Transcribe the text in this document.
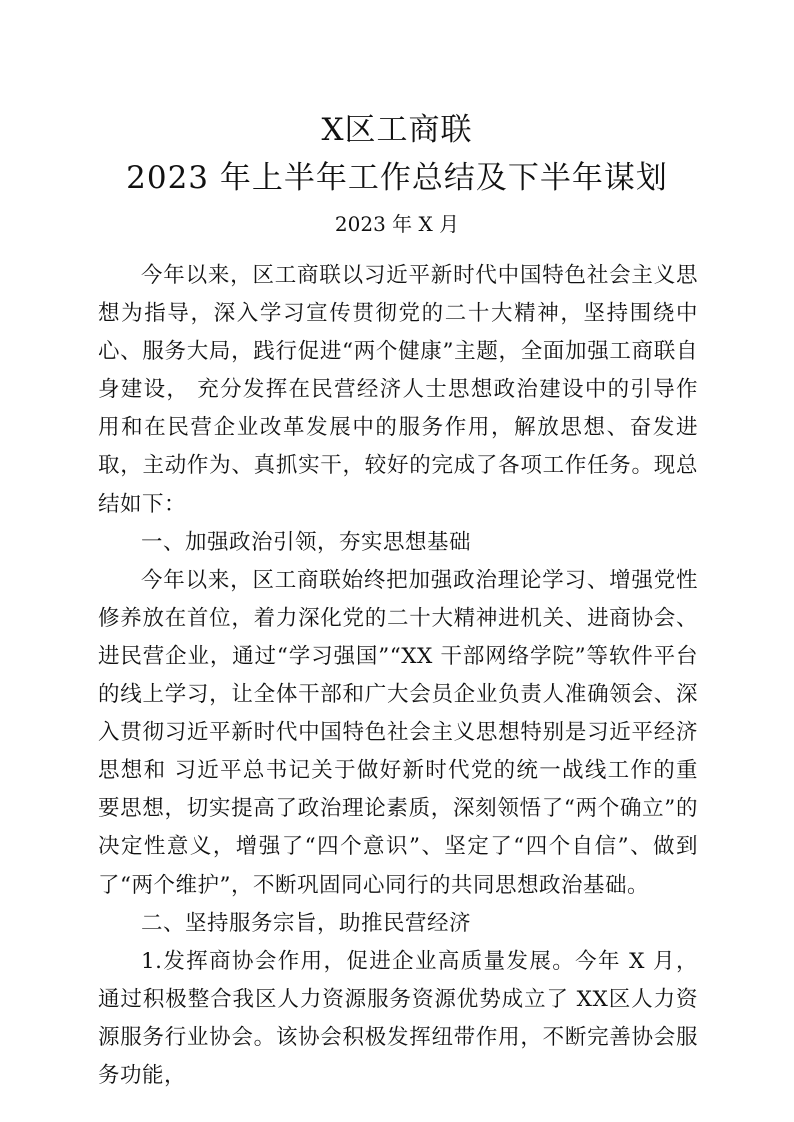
X区工商联
2023 年上半年工作总结及下半年谋划
2023 年 X 月

今年以来，区工商联以习近平新时代中国特色社会主义思想为指导，深入学习宣传贯彻党的二十大精神，坚持围绕中心、服务大局，践行促进“两个健康”主题，全面加强工商联自身建设， 充分发挥在民营经济人士思想政治建设中的引导作用和在民营企业改革发展中的服务作用，解放思想、奋发进取，主动作为、真抓实干，较好的完成了各项工作任务。现总结如下：

一、加强政治引领，夯实思想基础

今年以来，区工商联始终把加强政治理论学习、增强党性修养放在首位，着力深化党的二十大精神进机关、进商协会、进民营企业，通过“学习强国”“XX 干部网络学院”等软件平台的线上学习，让全体干部和广大会员企业负责人准确领会、深入贯彻习近平新时代中国特色社会主义思想特别是习近平经济思想和 习近平总书记关于做好新时代党的统一战线工作的重要思想，切实提高了政治理论素质，深刻领悟了“两个确立”的决定性意义，增强了“四个意识”、坚定了“四个自信”、做到了“两个维护”，不断巩固同心同行的共同思想政治基础。

二、坚持服务宗旨，助推民营经济

1.发挥商协会作用，促进企业高质量发展。今年 X 月，通过积极整合我区人力资源服务资源优势成立了 XX区人力资源服务行业协会。该协会积极发挥纽带作用，不断完善协会服务功能，
